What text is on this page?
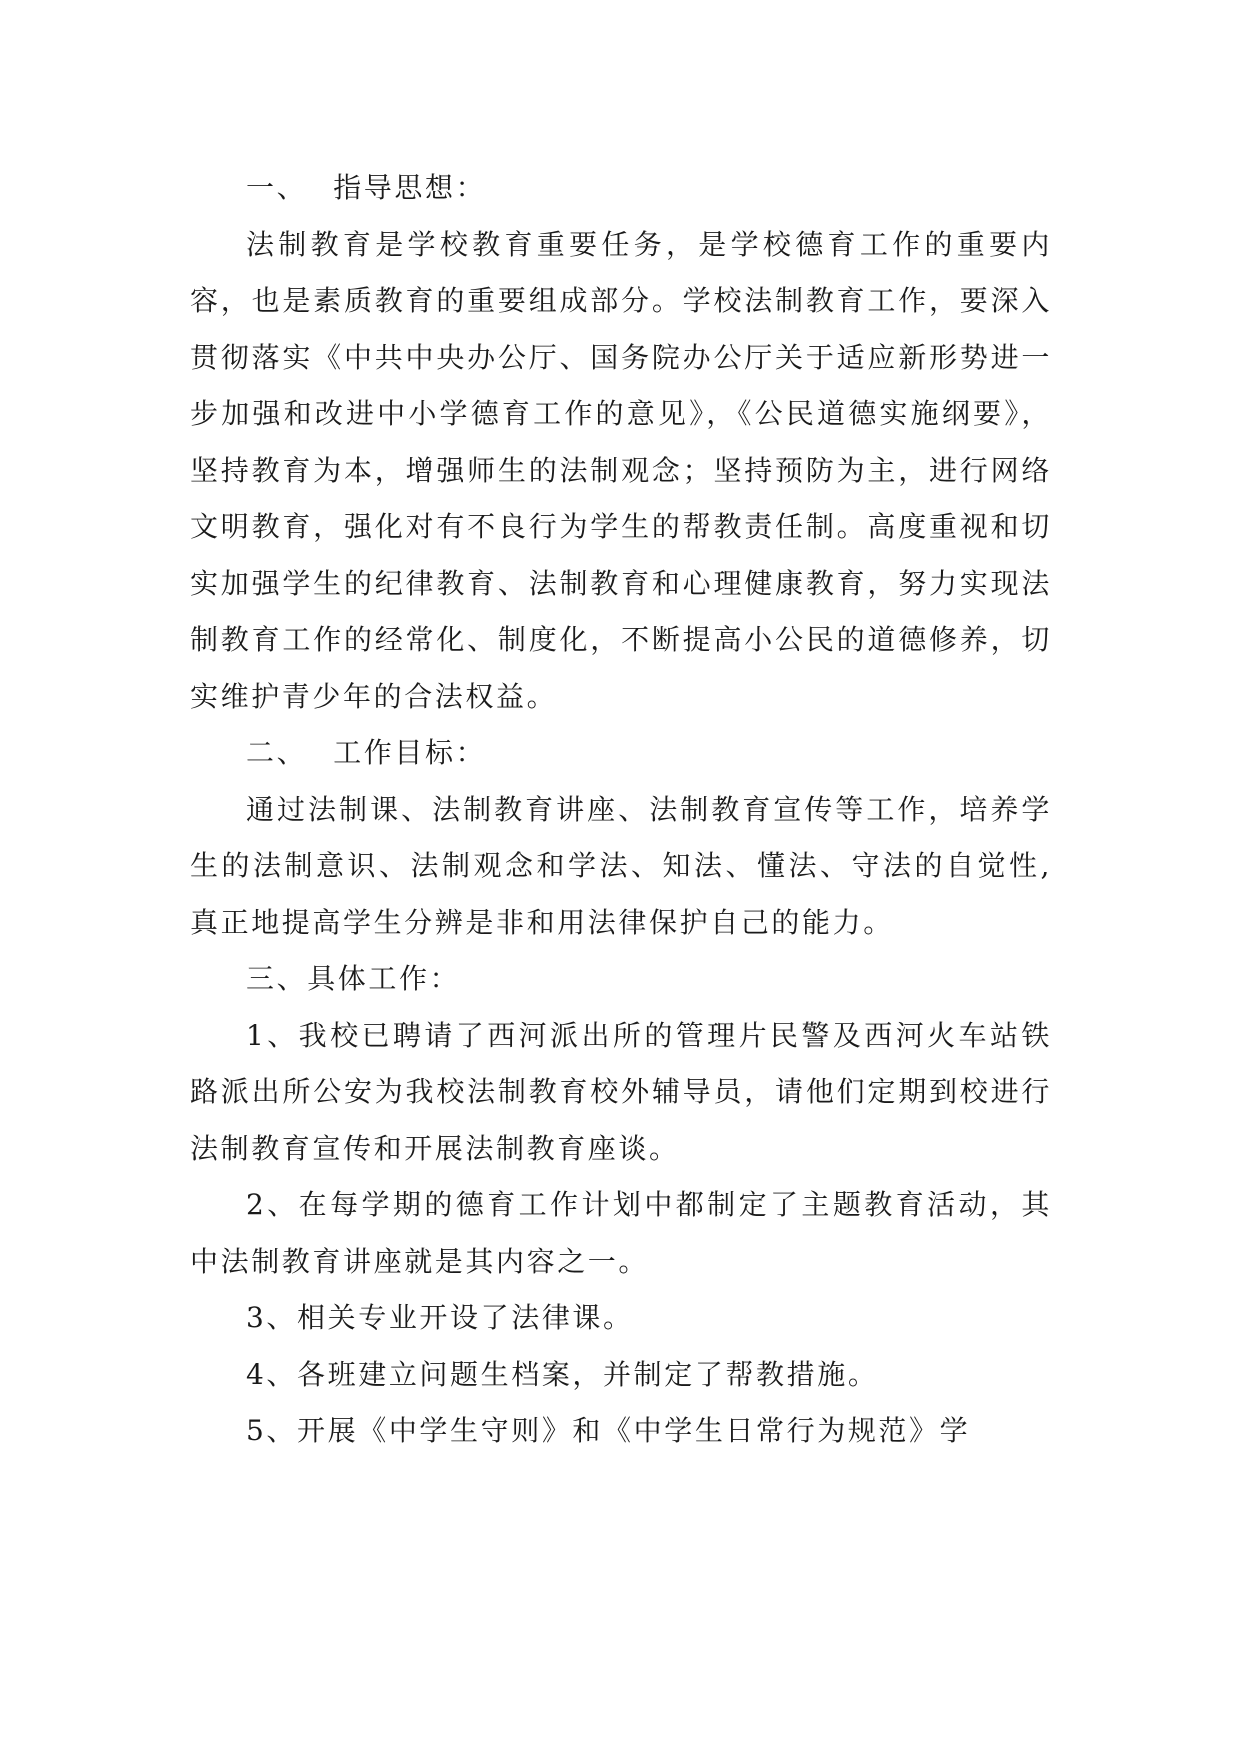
一、 指导思想：

法制教育是学校教育重要任务，是学校德育工作的重要内容，也是素质教育的重要组成部分。学校法制教育工作，要深入贯彻落实《中共中央办公厅、国务院办公厅关于适应新形势进一步加强和改进中小学德育工作的意见》，《公民道德实施纲要》，坚持教育为本，增强师生的法制观念；坚持预防为主，进行网络文明教育，强化对有不良行为学生的帮教责任制。高度重视和切实加强学生的纪律教育、法制教育和心理健康教育，努力实现法制教育工作的经常化、制度化，不断提高小公民的道德修养，切实维护青少年的合法权益。

二、 工作目标：

通过法制课、法制教育讲座、法制教育宣传等工作，培养学生的法制意识、法制观念和学法、知法、懂法、守法的自觉性,真正地提高学生分辨是非和用法律保护自己的能力。

三、具体工作：

1、我校已聘请了西河派出所的管理片民警及西河火车站铁路派出所公安为我校法制教育校外辅导员，请他们定期到校进行法制教育宣传和开展法制教育座谈。

2、在每学期的德育工作计划中都制定了主题教育活动，其中法制教育讲座就是其内容之一。

3、相关专业开设了法律课。

4、各班建立问题生档案，并制定了帮教措施。

5、开展《中学生守则》和《中学生日常行为规范》学
